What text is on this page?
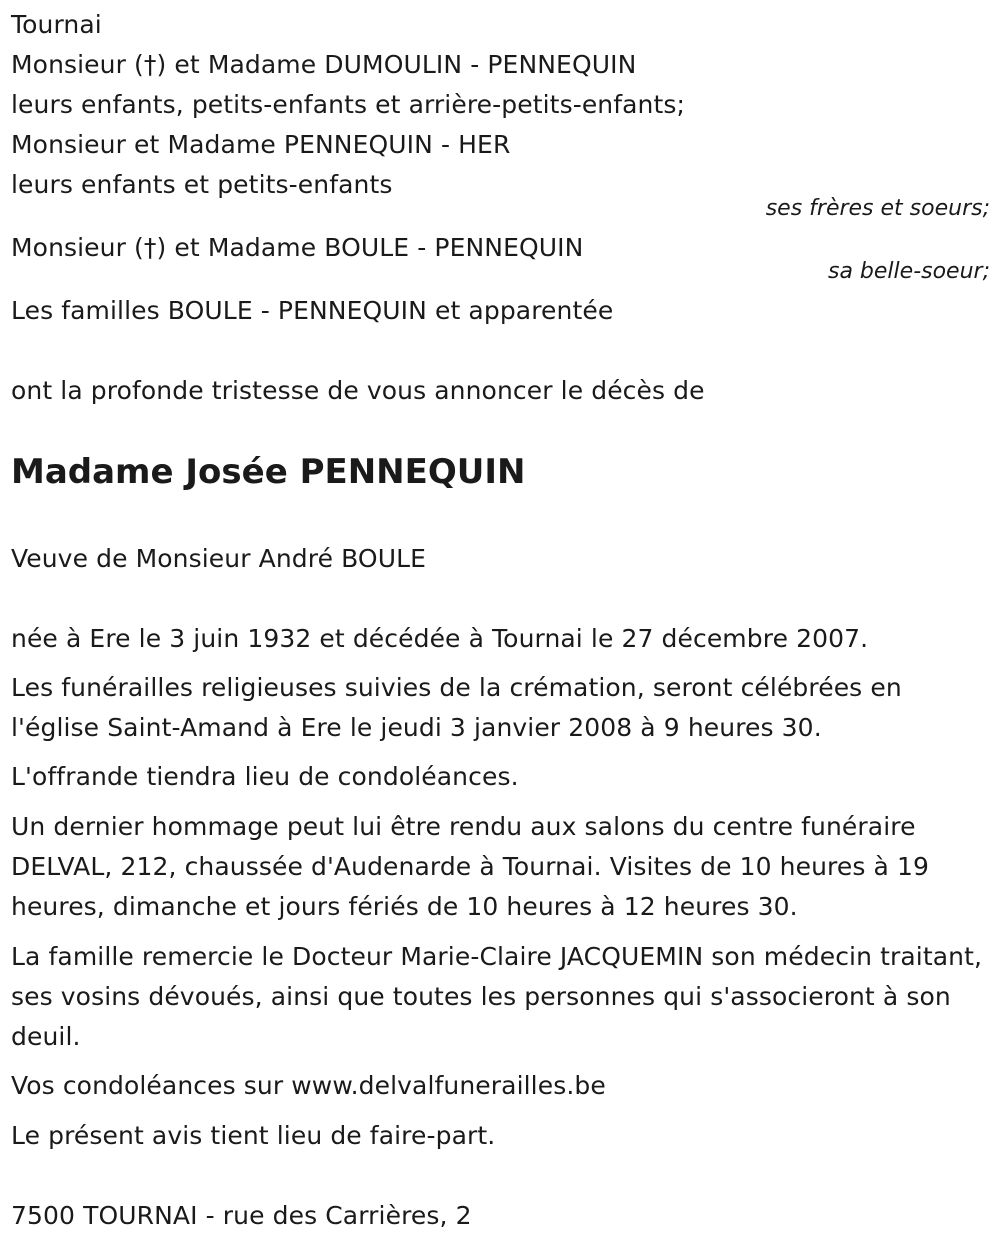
Tournai
Monsieur (†) et Madame DUMOULIN - PENNEQUIN
leurs enfants, petits-enfants et arrière-petits-enfants;
Monsieur et Madame PENNEQUIN - HER
leurs enfants et petits-enfants
ses frères et soeurs;
Monsieur (†) et Madame BOULE - PENNEQUIN
sa belle-soeur;
Les familles BOULE - PENNEQUIN et apparentée
ont la profonde tristesse de vous annoncer le décès de
Madame Josée PENNEQUIN
Veuve de Monsieur André BOULE
née à Ere le 3 juin 1932 et décédée à Tournai le 27 décembre 2007.
Les funérailles religieuses suivies de la crémation, seront célébrées en l'église Saint-Amand à Ere le jeudi 3 janvier 2008 à 9 heures 30.
L'offrande tiendra lieu de condoléances.
Un dernier hommage peut lui être rendu aux salons du centre funéraire DELVAL, 212, chaussée d'Audenarde à Tournai. Visites de 10 heures à 19 heures, dimanche et jours fériés de 10 heures à 12 heures 30.
La famille remercie le Docteur Marie-Claire JACQUEMIN son médecin traitant, ses vosins dévoués, ainsi que toutes les personnes qui s'associeront à son deuil.
Vos condoléances sur www.delvalfunerailles.be
Le présent avis tient lieu de faire-part.
7500 TOURNAI - rue des Carrières, 2
